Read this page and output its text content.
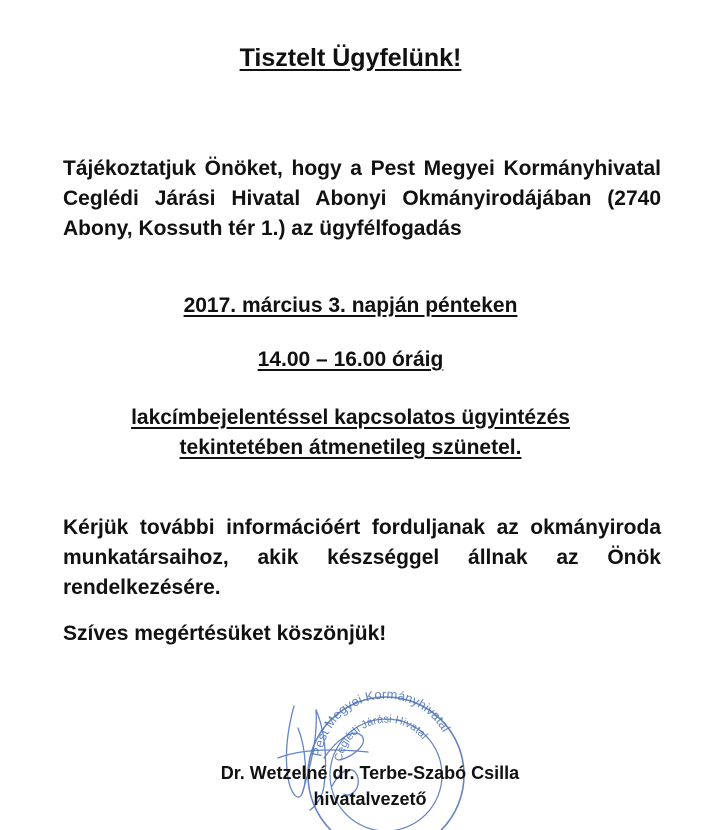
Tisztelt Ügyfelünk!
Tájékoztatjuk Önöket, hogy a Pest Megyei Kormányhivatal Ceglédi Járási Hivatal Abonyi Okmányirodájában (2740 Abony, Kossuth tér 1.) az ügyfélfogadás
2017. március 3. napján pénteken
14.00 – 16.00 óráig
lakcímbejelentéssel kapcsolatos ügyintézés
tekintetében átmenetileg szünetel.
Kérjük további információért forduljanak az okmányiroda munkatársaihoz, akik készséggel állnak az Önök rendelkezésére.
Szíves megértésüket köszönjük!
Pest Megyei Kormányhivatal
Ceglédi Járási Hivatal
Dr. Wetzelné dr. Terbe-Szabó Csilla
hivatalvezető
